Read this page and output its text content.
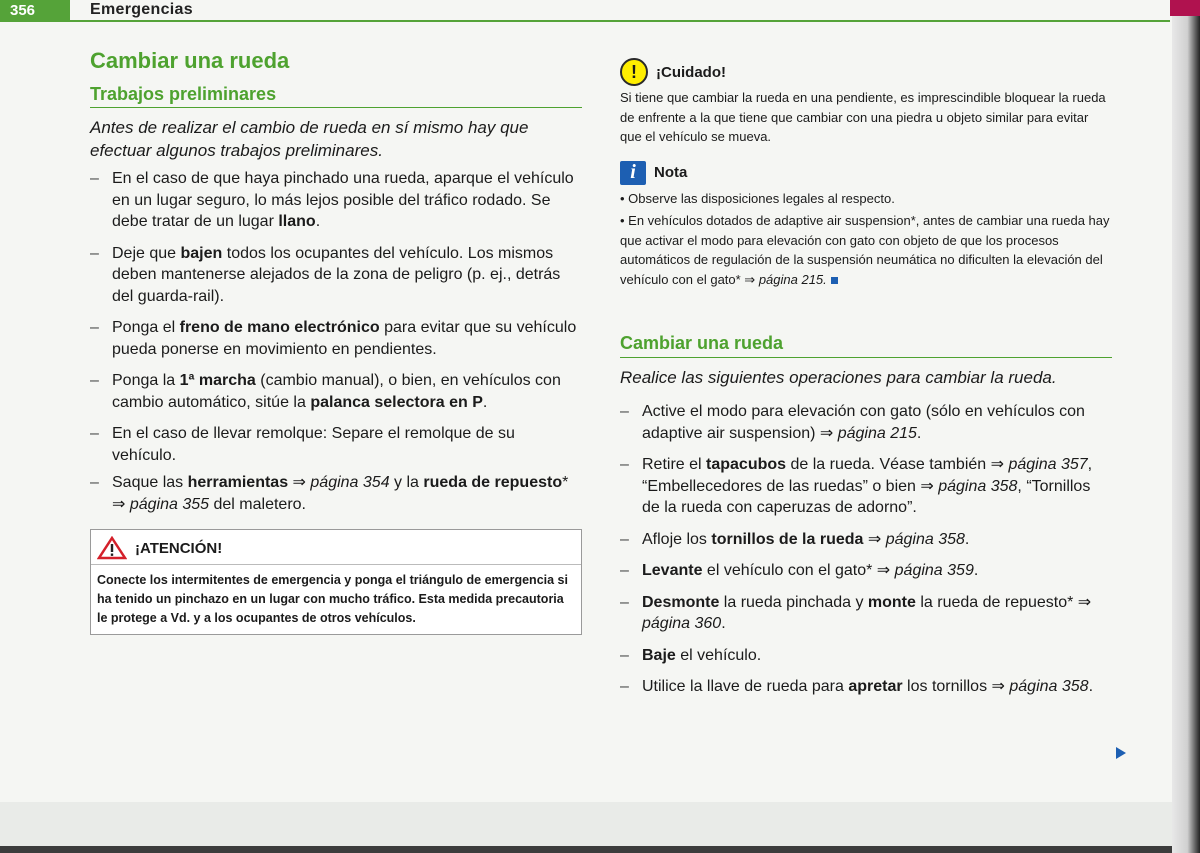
356	Emergencias
Cambiar una rueda
Trabajos preliminares

Antes de realizar el cambio de rueda en sí mismo hay que efectuar algunos trabajos preliminares.

– En el caso de que haya pinchado una rueda, aparque el vehículo en un lugar seguro, lo más lejos posible del tráfico rodado. Se debe tratar de un lugar llano.
– Deje que bajen todos los ocupantes del vehículo. Los mismos deben mantenerse alejados de la zona de peligro (p. ej., detrás del guarda-rail).
– Ponga el freno de mano electrónico para evitar que su vehículo pueda ponerse en movimiento en pendientes.
– Ponga la 1ª marcha (cambio manual), o bien, en vehículos con cambio automático, sitúe la palanca selectora en P.
– En el caso de llevar remolque: Separe el remolque de su vehículo.
– Saque las herramientas ⇒ página 354 y la rueda de repuesto* ⇒ página 355 del maletero.
¡ATENCIÓN!
Conecte los intermitentes de emergencia y ponga el triángulo de emergencia si ha tenido un pinchazo en un lugar con mucho tráfico. Esta medida precautoria le protege a Vd. y a los ocupantes de otros vehículos.
!	¡Cuidado!
Si tiene que cambiar la rueda en una pendiente, es imprescindible bloquear la rueda de enfrente a la que tiene que cambiar con una piedra u objeto similar para evitar que el vehículo se mueva.
i	Nota
• Observe las disposiciones legales al respecto.
• En vehículos dotados de adaptive air suspension*, antes de cambiar una rueda hay que activar el modo para elevación con gato con objeto de que los procesos automáticos de regulación de la suspensión neumática no dificulten la elevación del vehículo con el gato* ⇒ página 215.
Cambiar una rueda

Realice las siguientes operaciones para cambiar la rueda.

– Active el modo para elevación con gato (sólo en vehículos con adaptive air suspension) ⇒ página 215.
– Retire el tapacubos de la rueda. Véase también ⇒ página 357, “Embellecedores de las ruedas” o bien ⇒ página 358, “Tornillos de la rueda con caperuzas de adorno”.
– Afloje los tornillos de la rueda ⇒ página 358.
– Levante el vehículo con el gato* ⇒ página 359.
– Desmonte la rueda pinchada y monte la rueda de repuesto* ⇒ página 360.
– Baje el vehículo.
– Utilice la llave de rueda para apretar los tornillos ⇒ página 358.
